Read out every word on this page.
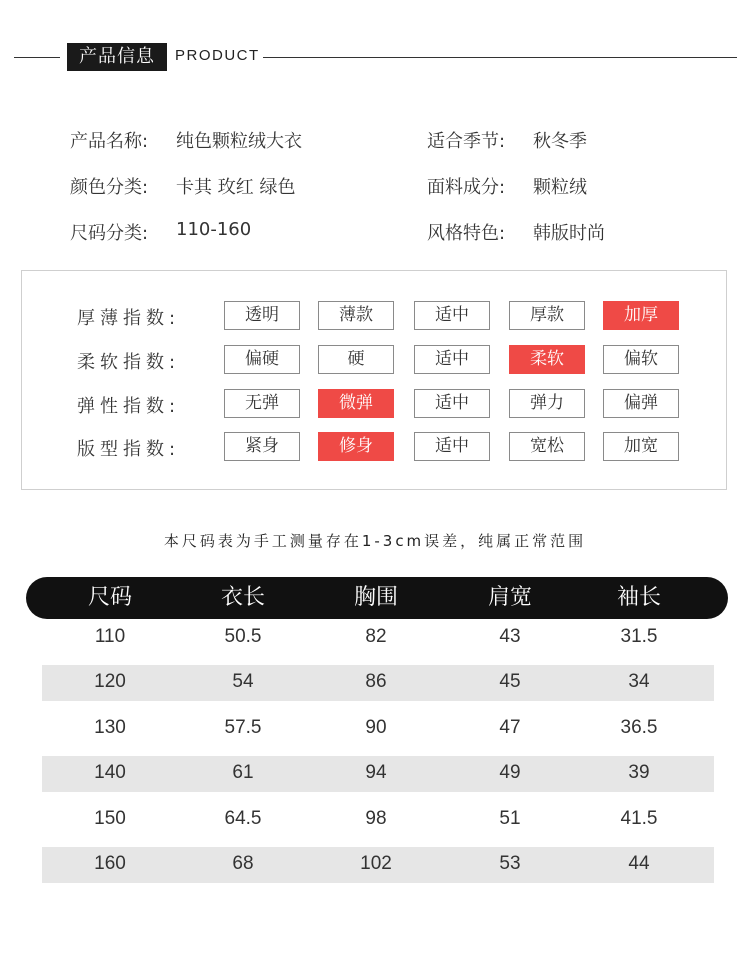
产品信息	PRODUCT
产品名称: 纯色颗粒绒大衣	适合季节: 秋冬季
颜色分类: 卡其 玫红 绿色	面料成分: 颗粒绒
尺码分类: 110-160	风格特色: 韩版时尚
厚薄指数:	透明	薄款	适中	厚款	加厚
柔软指数:	偏硬	硬	适中	柔软	偏软
弹性指数:	无弹	微弹	适中	弹力	偏弹
版型指数:	紧身	修身	适中	宽松	加宽
本尺码表为手工测量存在1-3cm误差，纯属正常范围
尺码	衣长	胸围	肩宽	袖长
110	50.5	82	43	31.5
120	54	86	45	34
130	57.5	90	47	36.5
140	61	94	49	39
150	64.5	98	51	41.5
160	68	102	53	44
